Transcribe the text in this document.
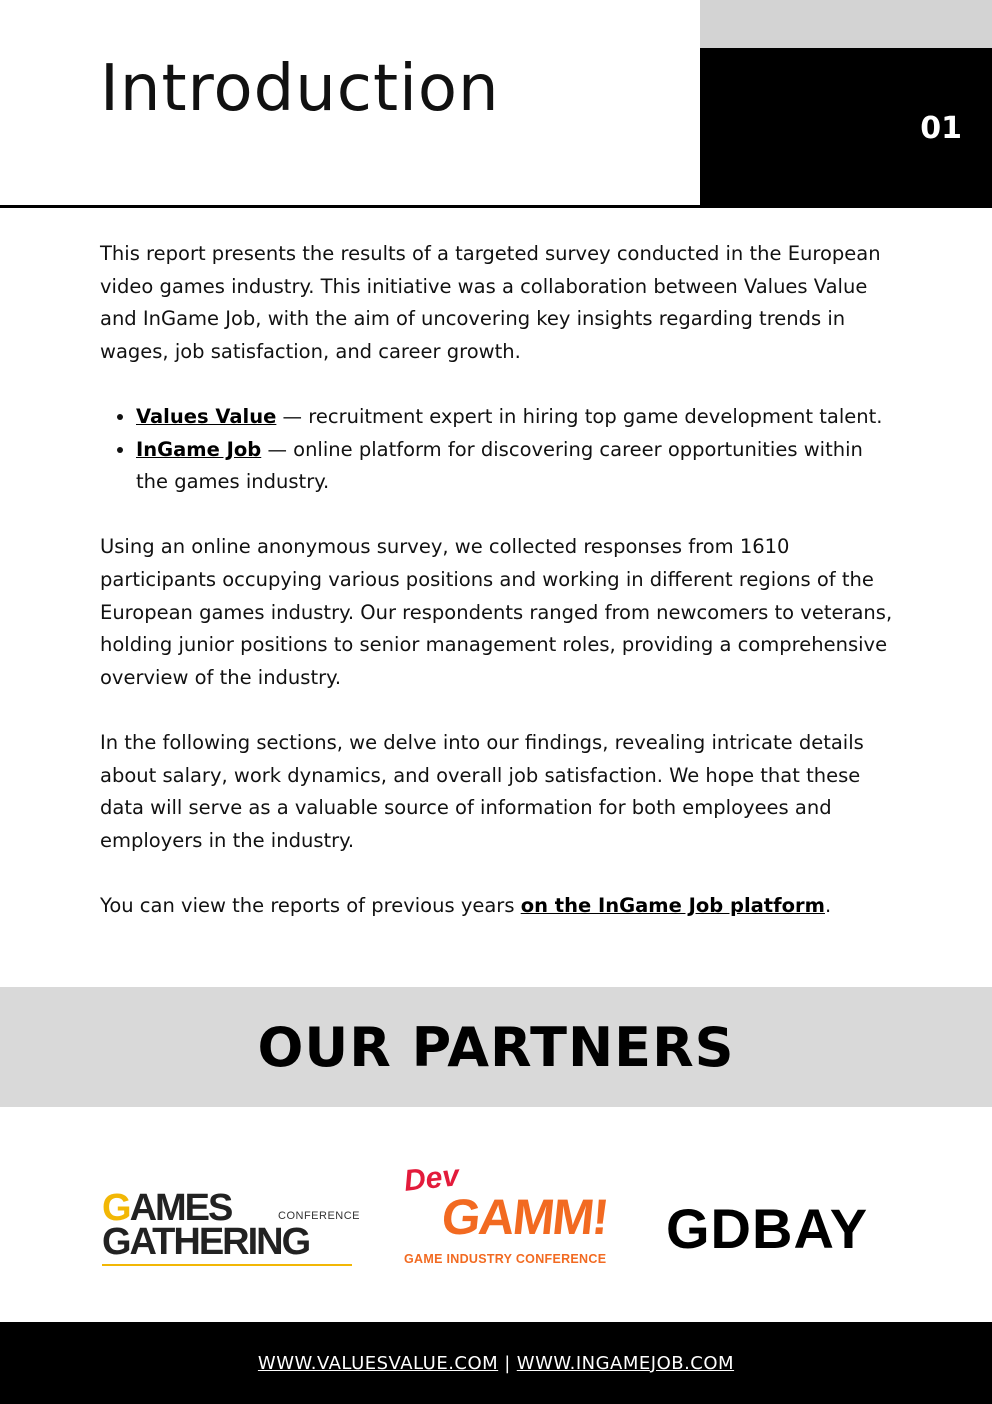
01
Introduction

This report presents the results of a targeted survey conducted in the European video games industry. This initiative was a collaboration between Values Value and InGame Job, with the aim of uncovering key insights regarding trends in wages, job satisfaction, and career growth.

• Values Value — recruitment expert in hiring top game development talent.
• InGame Job — online platform for discovering career opportunities within the games industry.

Using an online anonymous survey, we collected responses from 1610 participants occupying various positions and working in different regions of the European games industry. Our respondents ranged from newcomers to veterans, holding junior positions to senior management roles, providing a comprehensive overview of the industry.

In the following sections, we delve into our findings, revealing intricate details about salary, work dynamics, and overall job satisfaction. We hope that these data will serve as a valuable source of information for both employees and employers in the industry.

You can view the reports of previous years on the InGame Job platform.

OUR PARTNERS
GAMES	CONFERENCE
GATHERING
Dev
GAMM!
GAME INDUSTRY CONFERENCE GDBAY
WWW.VALUESVALUE.COM | WWW.INGAMEJOB.COM
